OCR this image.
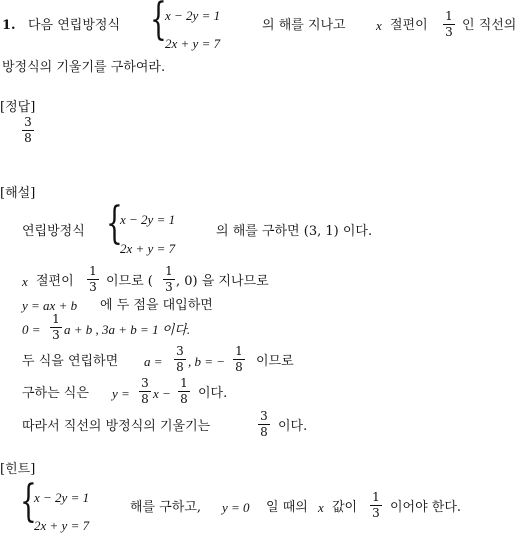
1. 다음 연립방정식 {
x − 2y = 1
2x + y = 7
의 해를 지나고 x 절편이
1
3 인 직선의
방정식의 기울기를 구하여라.
[정답]
3
8
[해설]
연립방정식 {
x − 2y = 1
2x + y = 7
의 해를 구하면 (3, 1) 이다.
x 절편이
1
3 이므로 (
1
3 , 0) 을 지나므로
y = ax + b 에 두 점을 대입하면
0 =
1
3 a + b , 3a + b = 1 이다.
두 식을 연립하면 a =
3
8 , b = −
1
8 이므로
구하는 식은 y =
3
8 x −
1
8 이다.
따라서 직선의 방정식의 기울기는
3
8 이다.
[힌트]
{
x − 2y = 1
2x + y = 7
해를 구하고, y = 0 일 때의 x 값이
1
3 이어야 한다.
